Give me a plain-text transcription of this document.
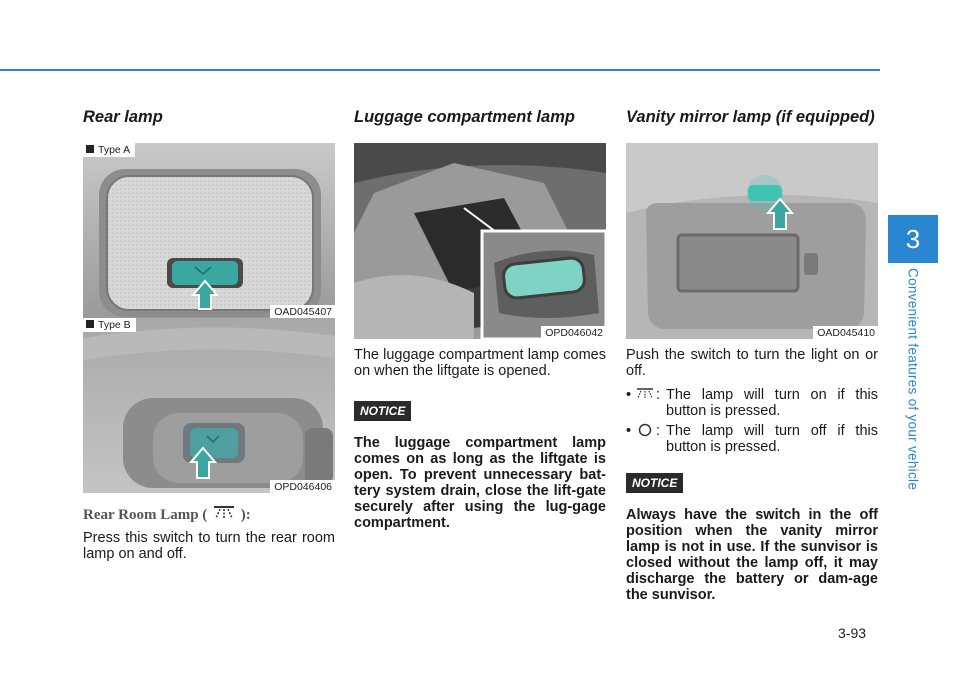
3
Convenient features of your vehicle
3-93
Rear lamp
Type A
OAD045407
Type B
OPD046406
Rear Room Lamp ( ):

Press this switch to turn the rear room lamp on and off.

Luggage compartment lamp
OPD046042

The luggage compartment lamp comes on when the liftgate is opened.

NOTICE

The luggage compartment lamp comes on as long as the liftgate is open. To prevent unnecessary bat-tery system drain, close the lift-gate securely after using the lug-gage compartment.

Vanity mirror lamp (if equipped)
OAD045410

Push the switch to turn the light on or off.

• : The lamp will turn on if this button is pressed.
• : The lamp will turn off if this button is pressed.
NOTICE

Always have the switch in the off position when the vanity mirror lamp is not in use. If the sunvisor is closed without the lamp off, it may discharge the battery or dam-age the sunvisor.
